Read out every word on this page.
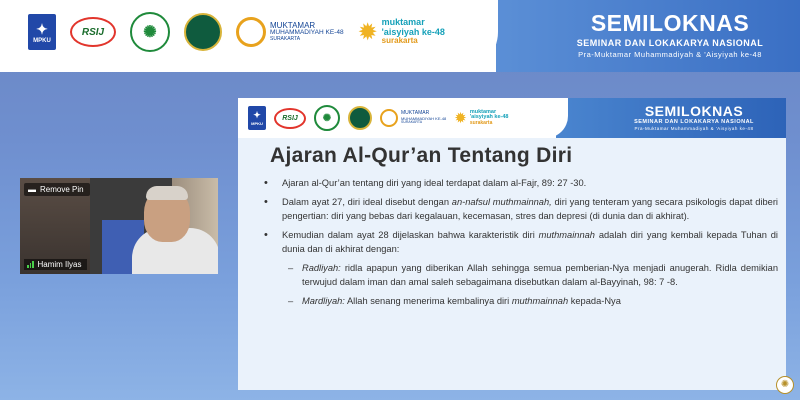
✦
MPKU
RSIJ	✺	MUKTAMAR
MUHAMMADIYAH KE-48
SURAKARTA	✹ muktamar
'aisyiyah ke-48
surakarta
SEMILOKNAS
SEMINAR DAN LOKAKARYA NASIONAL
Pra-Muktamar Muhammadiyah & 'Aisyiyah ke-48
▬ Remove Pin
Hamim Ilyas
✦
MPKU
RSIJ	✺	MUKTAMAR
MUHAMMADIYAH KE-48
SURAKARTA	✹ muktamar
'aisyiyah ke-48
surakarta
SEMILOKNAS
SEMINAR DAN LOKAKARYA NASIONAL
Pra-Muktamar Muhammadiyah & 'Aisyiyah ke-48
Ajaran Al-Qur’an Tentang Diri
• Ajaran al-Qur’an tentang diri yang ideal terdapat dalam al-Fajr, 89: 27 -30.
• Dalam ayat 27, diri ideal disebut dengan an-nafsul muthmainnah, diri yang tenteram yang secara psikologis dapat diberi pengertian: diri yang bebas dari kegalauan, kecemasan, stres dan depresi (di dunia dan di akhirat).
• Kemudian dalam ayat 28 dijelaskan bahwa karakteristik diri muthmainnah adalah diri yang kembali kepada Tuhan di dunia dan di akhirat dengan:
– Radliyah: ridla apapun yang diberikan Allah sehingga semua pemberian-Nya menjadi anugerah. Ridla demikian terwujud dalam iman dan amal saleh sebagaimana disebutkan dalam al-Bayyinah, 98: 7 -8.
– Mardliyah: Allah senang menerima kembalinya diri muthmainnah kepada-Nya
✺
